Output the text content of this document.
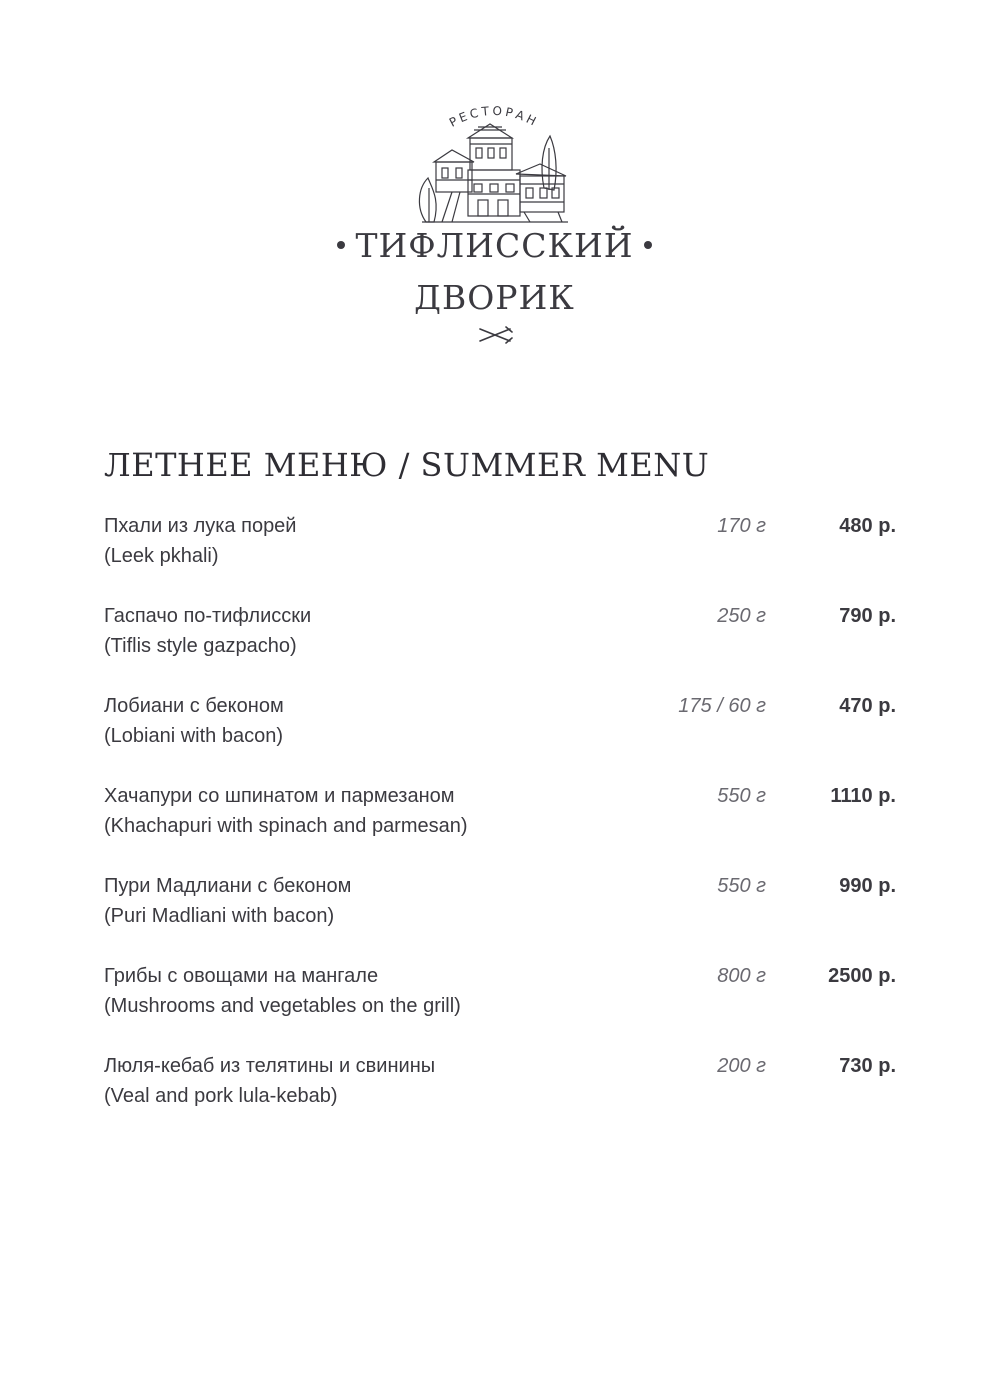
РЕСТОРАН
ТИФЛИССКИЙ
ДВОРИК
ЛЕТНЕЕ МЕНЮ / SUMMER MENU
Пхали из лука порей
(Leek pkhali)
170 г	480 р.
Гаспачо по-тифлисски
(Tiflis style gazpacho)
250 г	790 р.
Лобиани с беконом
(Lobiani with bacon)
175 / 60 г	470 р.
Хачапури со шпинатом и пармезаном
(Khachapuri with spinach and parmesan)
550 г	1110 р.
Пури Мадлиани с беконом
(Puri Madliani with bacon)
550 г	990 р.
Грибы с овощами на мангале
(Mushrooms and vegetables on the grill)
800 г	2500 р.
Люля-кебаб из телятины и свинины
(Veal and pork lula-kebab)
200 г	730 р.
